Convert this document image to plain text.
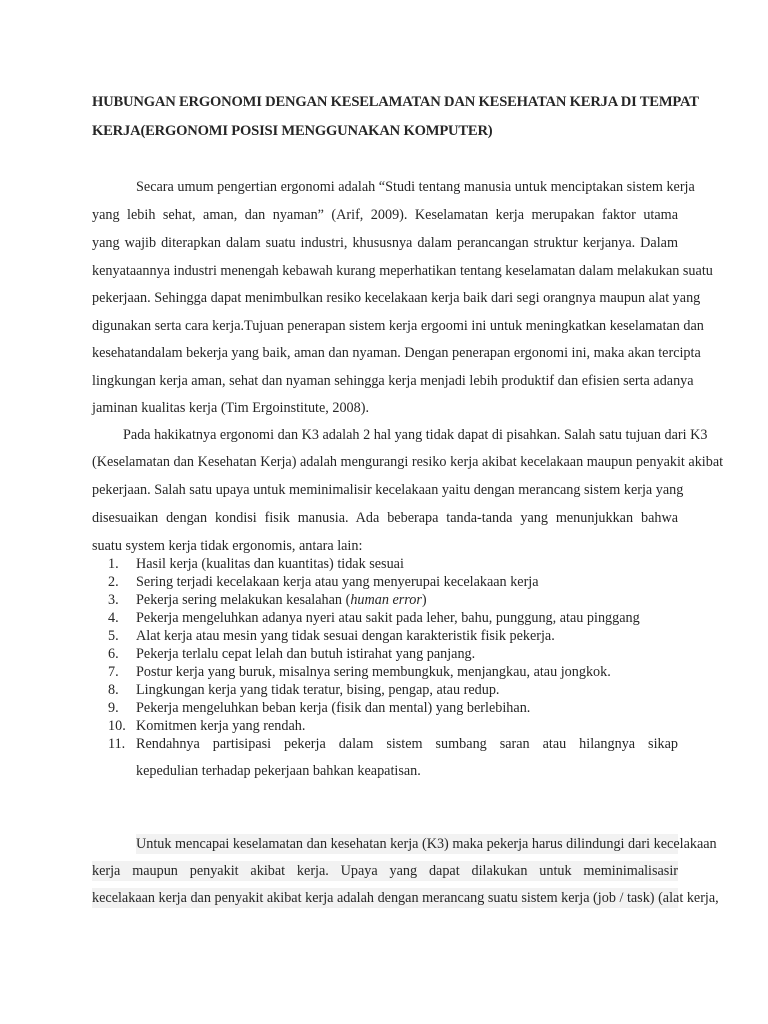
HUBUNGAN ERGONOMI DENGAN KESELAMATAN DAN KESEHATAN KERJA DI TEMPAT
KERJA(ERGONOMI POSISI MENGGUNAKAN KOMPUTER)
Secara umum pengertian ergonomi adalah “Studi tentang manusia untuk menciptakan sistem kerja
yang lebih sehat, aman, dan nyaman” (Arif, 2009). Keselamatan kerja merupakan faktor utama
yang wajib diterapkan dalam suatu industri, khususnya dalam perancangan struktur kerjanya. Dalam
kenyataannya industri menengah kebawah kurang meperhatikan tentang keselamatan dalam melakukan suatu
pekerjaan. Sehingga dapat menimbulkan resiko kecelakaan kerja baik dari segi orangnya maupun alat yang
digunakan serta cara kerja.Tujuan penerapan sistem kerja ergoomi ini untuk meningkatkan keselamatan dan
kesehatandalam bekerja yang baik, aman dan nyaman. Dengan penerapan ergonomi ini, maka akan tercipta
lingkungan kerja aman, sehat dan nyaman sehingga kerja menjadi lebih produktif dan efisien serta adanya
jaminan kualitas kerja (Tim Ergoinstitute, 2008).
Pada hakikatnya ergonomi dan K3 adalah 2 hal yang tidak dapat di pisahkan. Salah satu tujuan dari K3
(Keselamatan dan Kesehatan Kerja) adalah mengurangi resiko kerja akibat kecelakaan maupun penyakit akibat
pekerjaan. Salah satu upaya untuk meminimalisir kecelakaan yaitu dengan merancang sistem kerja yang
disesuaikan dengan kondisi fisik manusia. Ada beberapa tanda-tanda yang menunjukkan bahwa
suatu system kerja tidak ergonomis, antara lain:
1. Hasil kerja (kualitas dan kuantitas) tidak sesuai
2. Sering terjadi kecelakaan kerja atau yang menyerupai kecelakaan kerja
3. Pekerja sering melakukan kesalahan (human error)
4. Pekerja mengeluhkan adanya nyeri atau sakit pada leher, bahu, punggung, atau pinggang
5. Alat kerja atau mesin yang tidak sesuai dengan karakteristik fisik pekerja.
6. Pekerja terlalu cepat lelah dan butuh istirahat yang panjang.
7. Postur kerja yang buruk, misalnya sering membungkuk, menjangkau, atau jongkok.
8. Lingkungan kerja yang tidak teratur, bising, pengap, atau redup.
9. Pekerja mengeluhkan beban kerja (fisik dan mental) yang berlebihan.
10. Komitmen kerja yang rendah.
11. Rendahnya partisipasi pekerja dalam sistem sumbang saran atau hilangnya sikap
kepedulian terhadap pekerjaan bahkan keapatisan.
Untuk mencapai keselamatan dan kesehatan kerja (K3) maka pekerja harus dilindungi dari kecelakaan
kerja maupun penyakit akibat kerja. Upaya yang dapat dilakukan untuk meminimalisasir
kecelakaan kerja dan penyakit akibat kerja adalah dengan merancang suatu sistem kerja (job / task) (alat kerja,
